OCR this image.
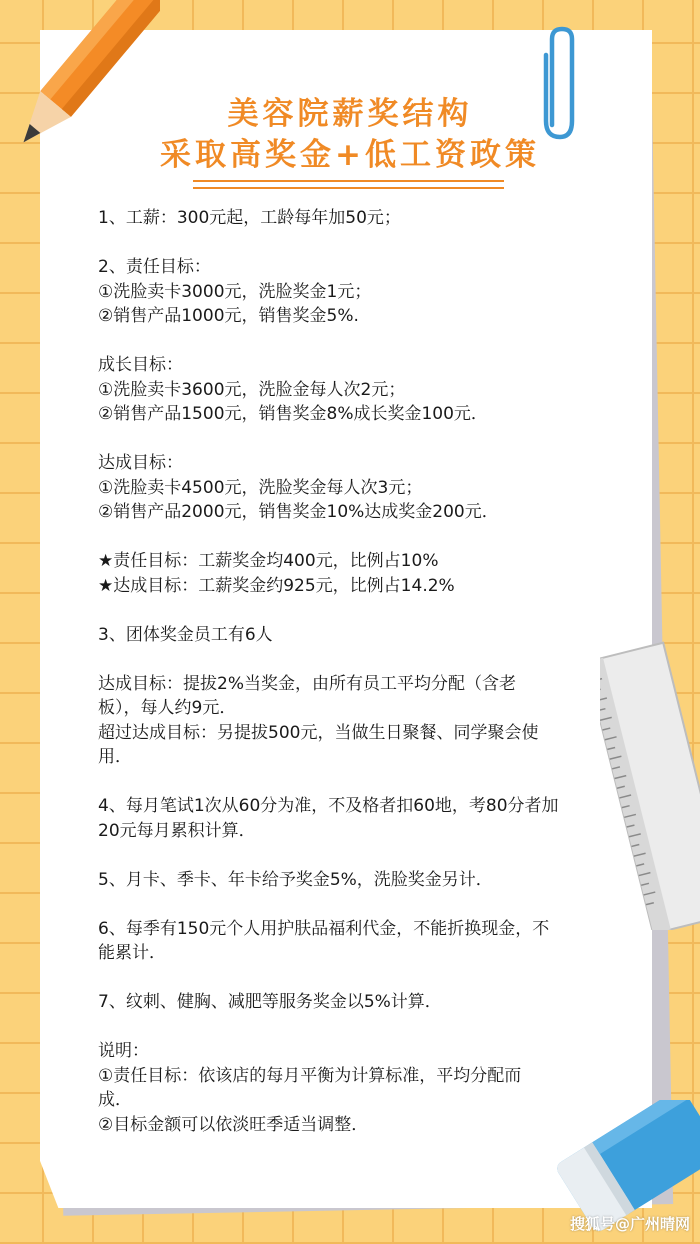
美容院薪奖结构
采取高奖金+低工资政策
1、工薪：300元起，工龄每年加50元；
2、责任目标：
①洗脸卖卡3000元，洗脸奖金1元；
②销售产品1000元，销售奖金5%.
成长目标：
①洗脸卖卡3600元，洗脸金每人次2元；
②销售产品1500元，销售奖金8%成长奖金100元．
达成目标：
①洗脸卖卡4500元，洗脸奖金每人次3元；
②销售产品2000元，销售奖金10%达成奖金200元．
★责任目标：工薪奖金均400元，比例占10%
★达成目标：工薪奖金约925元，比例占14.2%
3、团体奖金员工有6人
达成目标：提拔2%当奖金，由所有员工平均分配（含老
板），每人约9元．
超过达成目标：另提拔500元，当做生日聚餐、同学聚会使
用．
4、每月笔试1次从60分为准，不及格者扣60地，考80分者加
20元每月累积计算．
5、月卡、季卡、年卡给予奖金5%，洗脸奖金另计．
6、每季有150元个人用护肤品福利代金，不能折换现金，不
能累计．
7、纹刺、健胸、减肥等服务奖金以5%计算．
说明：
①责任目标：依该店的每月平衡为计算标准，平均分配而
成．
②目标金额可以依淡旺季适当调整．
搜狐号@广州晴网
